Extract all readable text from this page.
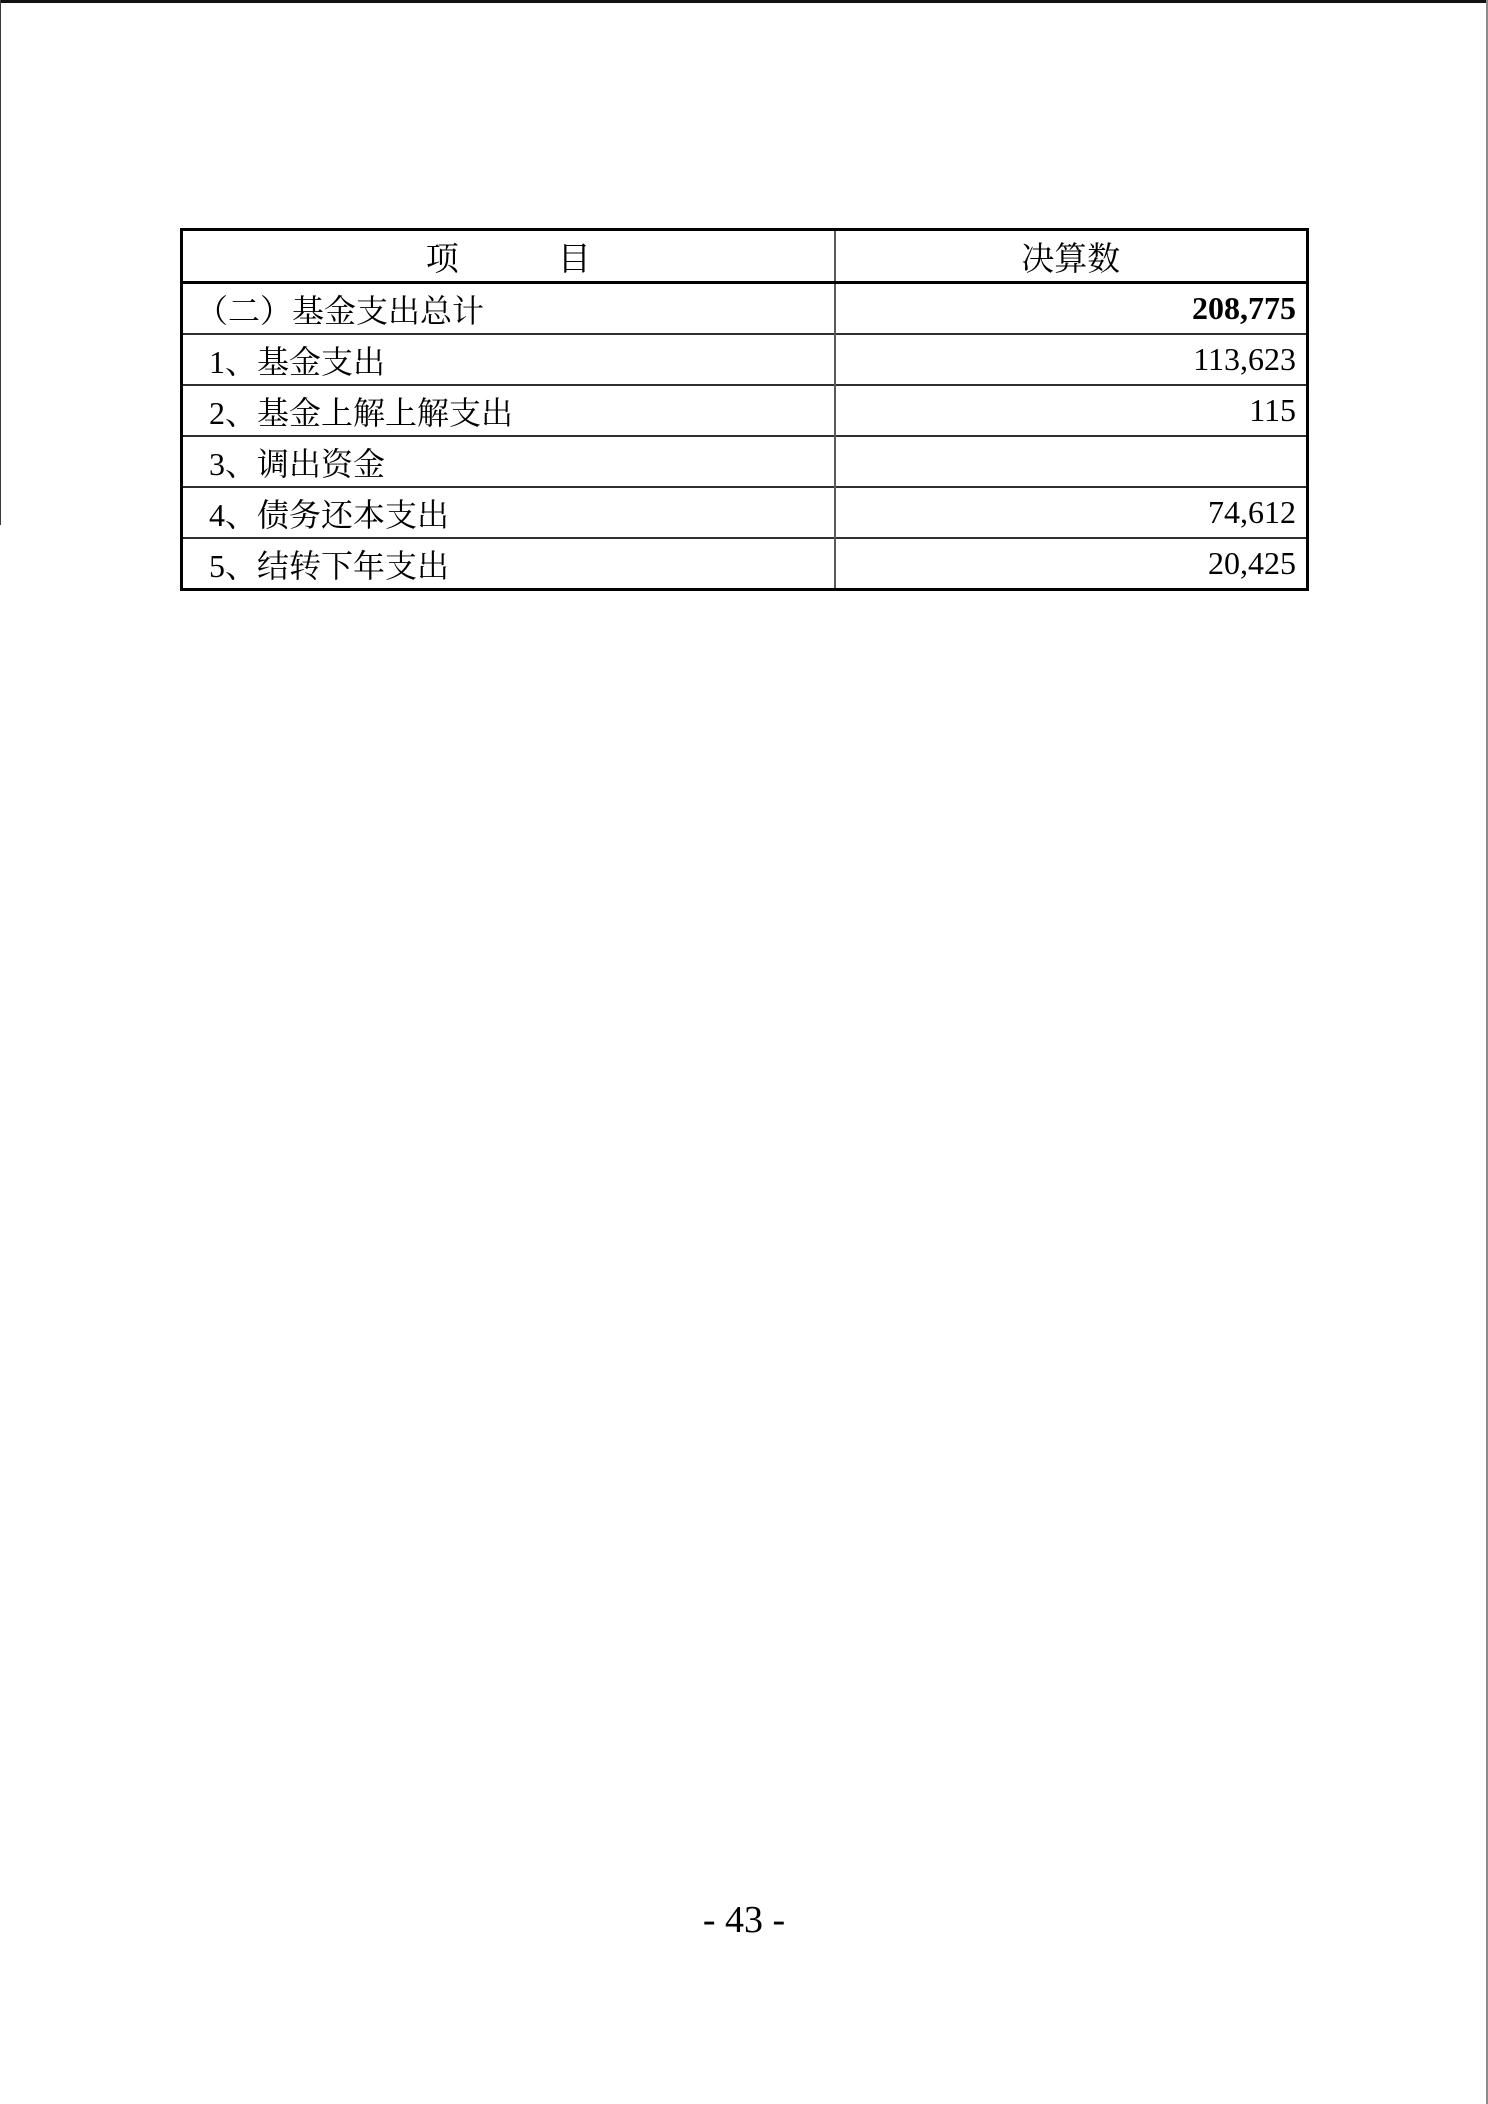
项　　　目	决算数
（二）基金支出总计	208,775
1、基金支出	113,623
2、基金上解上解支出	115
3、调出资金	
4、债务还本支出	74,612
5、结转下年支出	20,425
- 43 -
